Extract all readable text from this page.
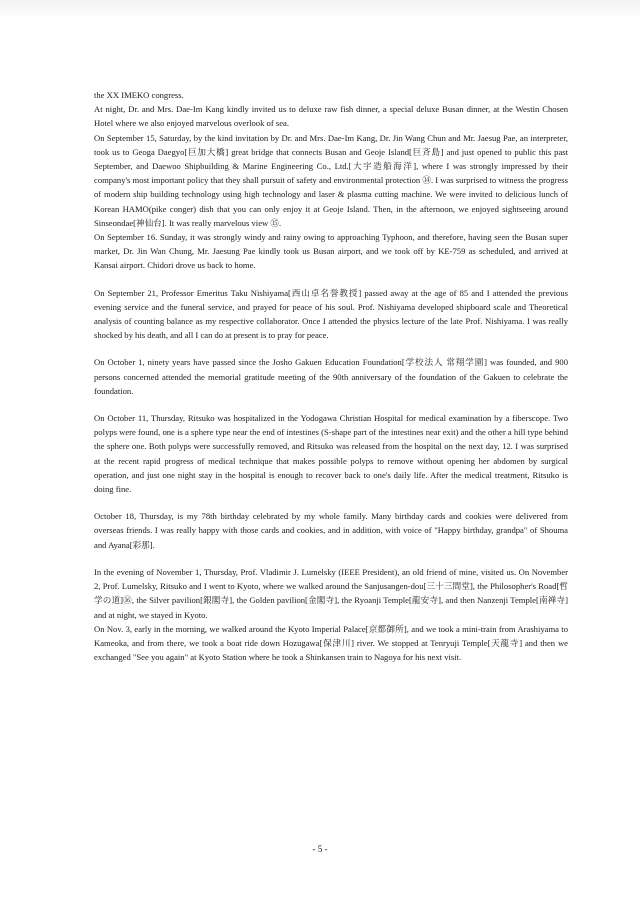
the XX IMEKO congress.

At night, Dr. and Mrs. Dae-Im Kang kindly invited us to deluxe raw fish dinner, a special deluxe Busan dinner, at the Westin Chosen Hotel where we also enjoyed marvelous overlook of sea.

On September 15, Saturday, by the kind invitation by Dr. and Mrs. Dae-Im Kang, Dr. Jin Wang Chun and Mr. Jaesug Pae, an interpreter, took us to Geoga Daegyo[巨加大橋] great bridge that connects Busan and Geoje Island[巨斉島] and just opened to public this past September, and Daewoo Shipbuilding & Marine Engineering Co., Ltd.[大宇造船海洋], where I was strongly impressed by their company's most important policy that they shall pursuit of safety and environmental protection ⑭. I was surprised to witness the progress of modern ship building technology using high technology and laser & plasma cutting machine. We were invited to delicious lunch of Korean HAMO(pike conger) dish that you can only enjoy it at Geoje Island. Then, in the afternoon, we enjoyed sightseeing around Sinseondae[神仙台]. It was really marvelous view ⑮.

On September 16. Sunday, it was strongly windy and rainy owing to approaching Typhoon, and therefore, having seen the Busan super market, Dr. Jin Wan Chung, Mr. Jaesung Pae kindly took us Busan airport, and we took off by KE-759 as scheduled, and arrived at Kansai airport. Chidori drove us back to home.

On September 21, Professor Emeritus Taku Nishiyama[西山卓名誉教授] passed away at the age of 85 and I attended the previous evening service and the funeral service, and prayed for peace of his soul. Prof. Nishiyama developed shipboard scale and Theoretical analysis of counting balance as my respective collaborator. Once I attended the physics lecture of the late Prof. Nishiyama. I was really shocked by his death, and all I can do at present is to pray for peace.

On October 1, ninety years have passed since the Josho Gakuen Education Foundation[学校法人 常翔学園] was founded, and 900 persons concerned attended the memorial gratitude meeting of the 90th anniversary of the foundation of the Gakuen to celebrate the foundation.

On October 11, Thursday, Ritsuko was hospitalized in the Yodogawa Christian Hospital for medical examination by a fiberscope. Two polyps were found, one is a sphere type near the end of intestines (S-shape part of the intestines near exit) and the other a hill type behind the sphere one. Both polyps were successfully removed, and Ritsuko was released from the hospital on the next day, 12. I was surprised at the recent rapid progress of medical technique that makes possible polyps to remove without opening her abdomen by surgical operation, and just one night stay in the hospital is enough to recover back to one's daily life. After the medical treatment, Ritsuko is doing fine.

October 18, Thursday, is my 78th birthday celebrated by my whole family. Many birthday cards and cookies were delivered from overseas friends. I was really happy with those cards and cookies, and in addition, with voice of "Happy birthday, grandpa" of Shouma and Ayana[彩那].

In the evening of November 1, Thursday, Prof. Vladimir J. Lumelsky (IEEE President), an old friend of mine, visited us. On November 2, Prof. Lumelsky, Ritsuko and I went to Kyoto, where we walked around the Sanjusangen-dou[三十三間堂], the Philosopher's Road[哲学の道]⑯, the Silver pavilion[銀閣寺], the Golden pavilion[金閣寺], the Ryoanji Temple[龍安寺], and then Nanzenji Temple[南禅寺] and at night, we stayed in Kyoto.

On Nov. 3, early in the morning, we walked around the Kyoto Imperial Palace[京都御所], and we took a mini-train from Arashiyama to Kameoka, and from there, we took a boat ride down Hozugawa[保津川] river. We stopped at Tenryuji Temple[天龍寺] and then we exchanged "See you again" at Kyoto Station where he took a Shinkansen train to Nagoya for his next visit.

- 5 -
